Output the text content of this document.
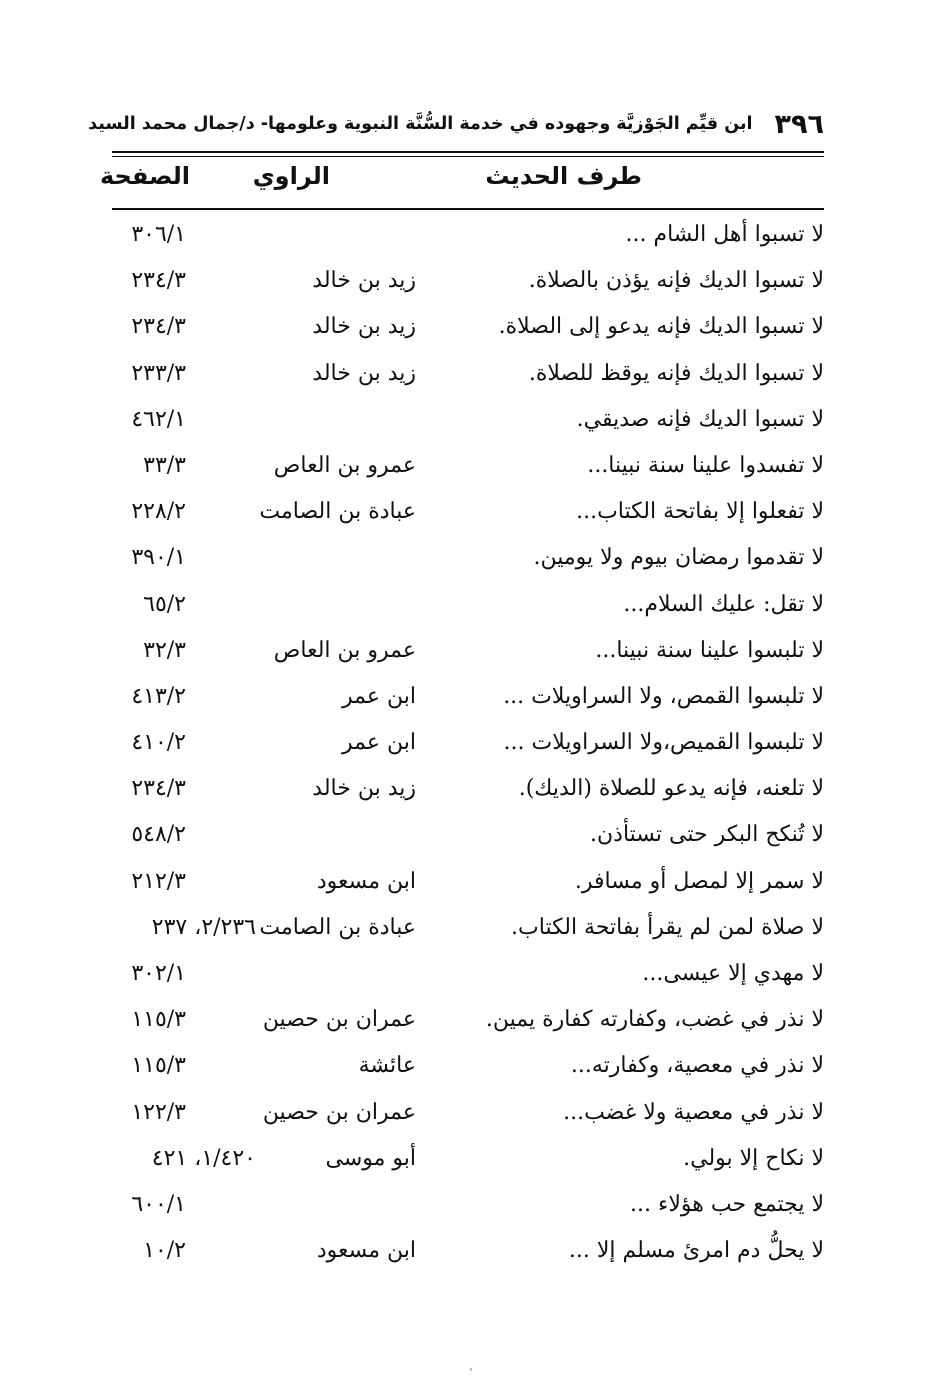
٣٩٦
ابن قيِّم الجَوْزيَّة وجهوده في خدمة السُّنَّة النبوية وعلومها- د/جمال محمد السيد
طرف الحديث
الراوي
الصفحة
لا تسبوا أهل الشام ...
٣٠٦/١
لا تسبوا الديك فإنه يؤذن بالصلاة.
زيد بن خالد
٢٣٤/٣
لا تسبوا الديك فإنه يدعو إلى الصلاة.
زيد بن خالد
٢٣٤/٣
لا تسبوا الديك فإنه يوقظ للصلاة.
زيد بن خالد
٢٣٣/٣
لا تسبوا الديك فإنه صديقي.
٤٦٢/١
لا تفسدوا علينا سنة نبينا...
عمرو بن العاص
٣٣/٣
لا تفعلوا إلا بفاتحة الكتاب...
عبادة بن الصامت
٢٢٨/٢
لا تقدموا رمضان بيوم ولا يومين.
٣٩٠/١
لا تقل: عليك السلام...
٦٥/٢
لا تلبسوا علينا سنة نبينا...
عمرو بن العاص
٣٢/٣
لا تلبسوا القمص، ولا السراويلات ...
ابن عمر
٤١٣/٢
لا تلبسوا القميص،ولا السراويلات ...
ابن عمر
٤١٠/٢
لا تلعنه، فإنه يدعو للصلاة (الديك).
زيد بن خالد
٢٣٤/٣
لا تُنكح البكر حتى تستأذن.
٥٤٨/٢
لا سمر إلا لمصل أو مسافر.
ابن مسعود
٢١٢/٣
لا صلاة لمن لم يقرأ بفاتحة الكتاب.
عبادة بن الصامت
٢/٢٣٦، ٢٣٧
لا مهدي إلا عيسى...
٣٠٢/١
لا نذر في غضب، وكفارته كفارة يمين.
عمران بن حصين
١١٥/٣
لا نذر في معصية، وكفارته...
عائشة
١١٥/٣
لا نذر في معصية ولا غضب...
عمران بن حصين
١٢٢/٣
لا نكاح إلا بولي.
أبو موسى
١/٤٢٠، ٤٢١
لا يجتمع حب هؤلاء ...
٦٠٠/١
لا يحلُّ دم امرئ مسلم إلا ...
ابن مسعود
١٠/٢
